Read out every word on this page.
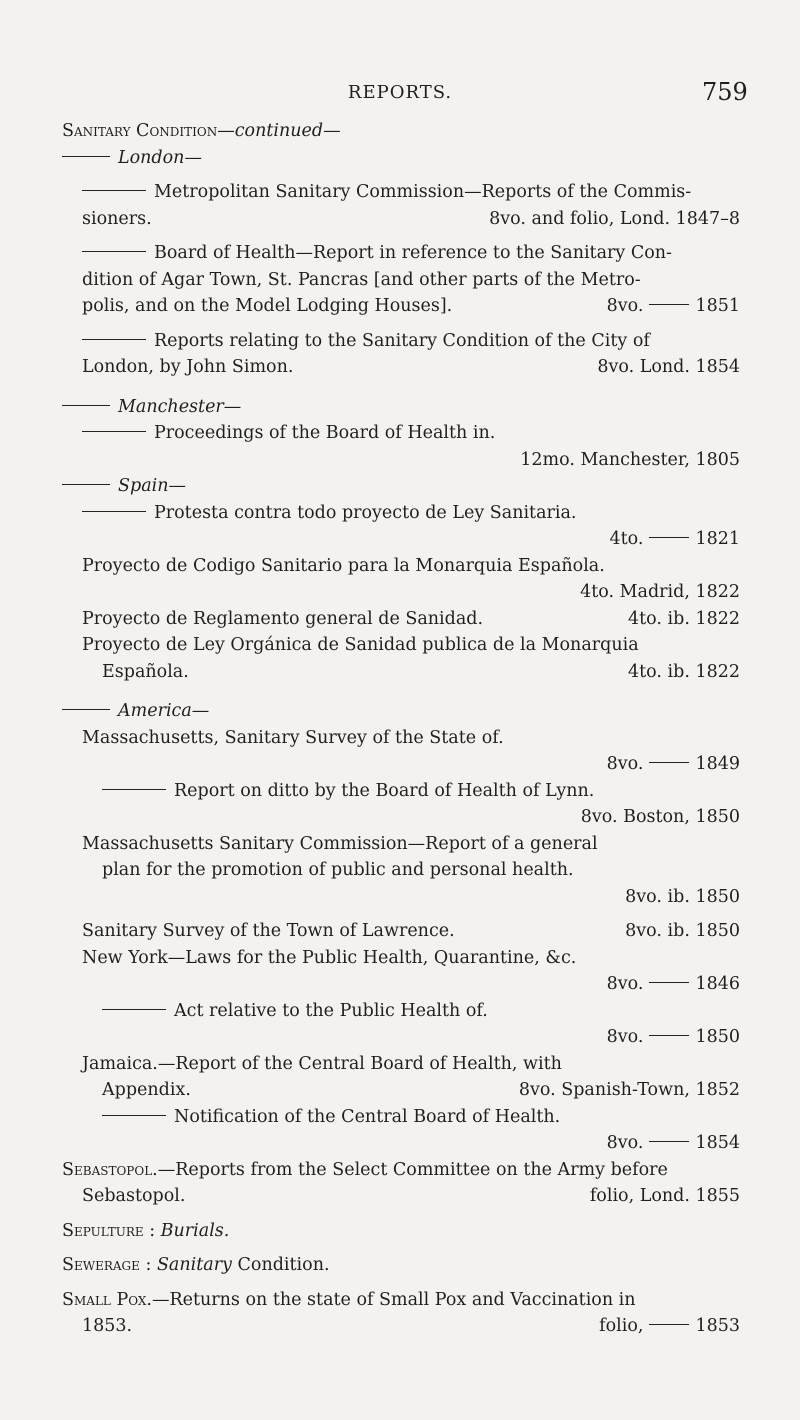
REPORTS.	759
Sanitary Condition—continued—
London—
Metropolitan Sanitary Commission—Reports of the Commis-
sioners.	8vo. and folio, Lond. 1847–8
Board of Health—Report in reference to the Sanitary Con-
dition of Agar Town, St. Pancras [and other parts of the Metro-
polis, and on the Model Lodging Houses].	8vo.	1851
Reports relating to the Sanitary Condition of the City of
London, by John Simon.	8vo. Lond. 1854
Manchester—
Proceedings of the Board of Health in.
12mo. Manchester, 1805
Spain—
Protesta contra todo proyecto de Ley Sanitaria.
4to.	1821
Proyecto de Codigo Sanitario para la Monarquia Española.
4to. Madrid, 1822
Proyecto de Reglamento general de Sanidad.	4to. ib. 1822
Proyecto de Ley Orgánica de Sanidad publica de la Monarquia
Española.	4to. ib. 1822
America—
Massachusetts, Sanitary Survey of the State of.
8vo.	1849
Report on ditto by the Board of Health of Lynn.
8vo. Boston, 1850
Massachusetts Sanitary Commission—Report of a general
plan for the promotion of public and personal health.
8vo. ib. 1850
Sanitary Survey of the Town of Lawrence.	8vo. ib. 1850
New York—Laws for the Public Health, Quarantine, &c.
8vo.	1846
Act relative to the Public Health of.
8vo.	1850
Jamaica.—Report of the Central Board of Health, with
Appendix.	8vo. Spanish-Town, 1852
Notification of the Central Board of Health.
8vo.	1854
Sebastopol.—Reports from the Select Committee on the Army before
Sebastopol.	folio, Lond. 1855
Sepulture : Burials.
Sewerage : Sanitary Condition.
Small Pox.—Returns on the state of Small Pox and Vaccination in
1853.	folio,	1853
